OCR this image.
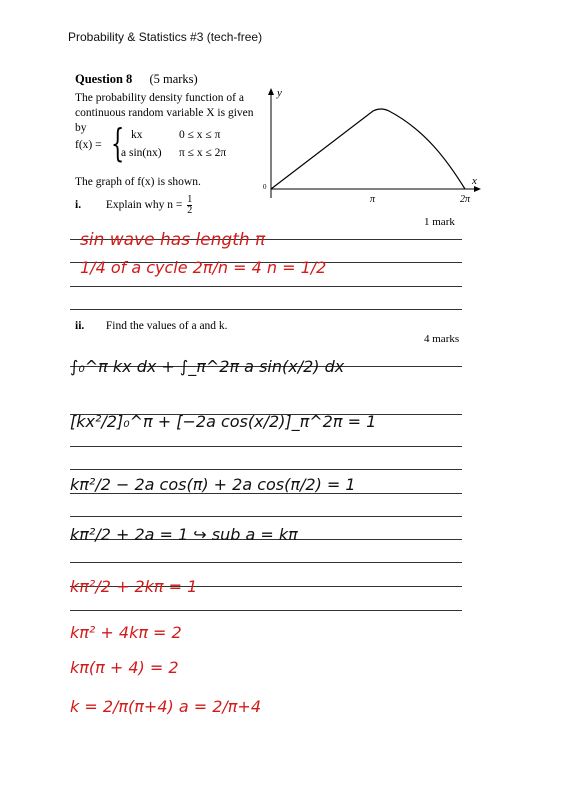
Probability & Statistics #3 (tech-free)
Question 8 (5 marks)
The probability density function of a continuous random variable X is given by
f(x) = { kx	0 ≤ x ≤ π
a sin(nx) π ≤ x ≤ 2π
The graph of f(x) is shown.
y
x
0
π	2π
i. Explain why $n = \frac{1}{2}$
1 mark
ii. Find the values of a and k.
4 marks
sin wave has length π
1/4 of a cycle 2π/n = 4 n = 1/2
∫₀^π kx dx + ∫_π^2π a sin(x/2) dx
[kx²/2]₀^π + [−2a cos(x/2)]_π^2π = 1
kπ²/2 − 2a cos(π) + 2a cos(π/2) = 1
kπ²/2 + 2a = 1 ↪ sub a = kπ
kπ²/2 + 2kπ = 1
kπ² + 4kπ = 2
kπ(π + 4) = 2
k = 2/π(π+4) a = 2/π+4
